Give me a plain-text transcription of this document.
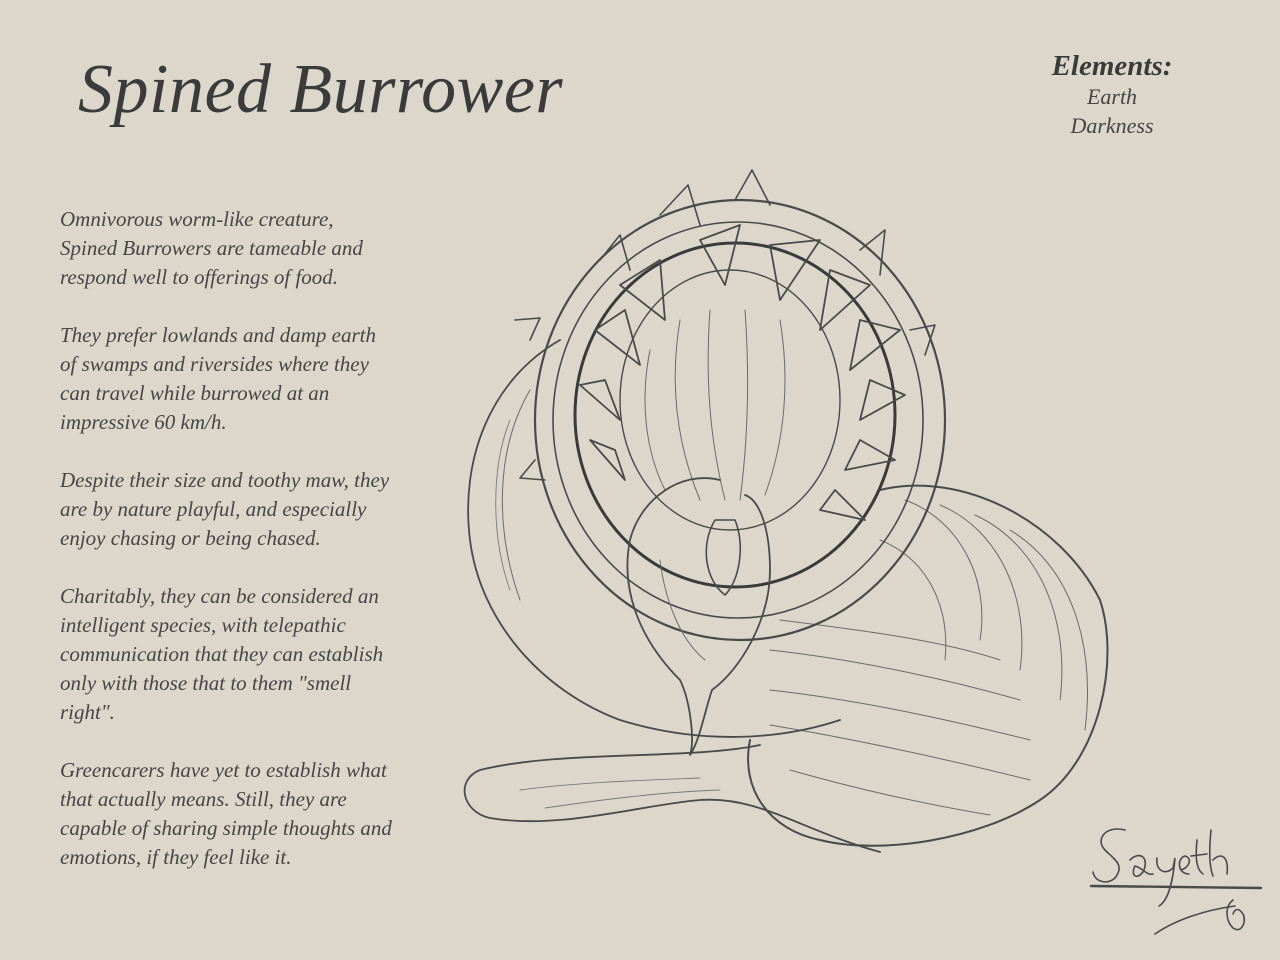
Spined Burrower	Elements:
Earth
Darkness

Omnivorous worm-like creature,
Spined Burrowers are tameable and
respond well to offerings of food.

They prefer lowlands and damp earth
of swamps and riversides where they
can travel while burrowed at an
impressive 60 km/h.

Despite their size and toothy maw, they
are by nature playful, and especially
enjoy chasing or being chased.

Charitably, they can be considered an
intelligent species, with telepathic
communication that they can establish
only with those that to them "smell
right".

Greencarers have yet to establish what
that actually means. Still, they are
capable of sharing simple thoughts and
emotions, if they feel like it.
